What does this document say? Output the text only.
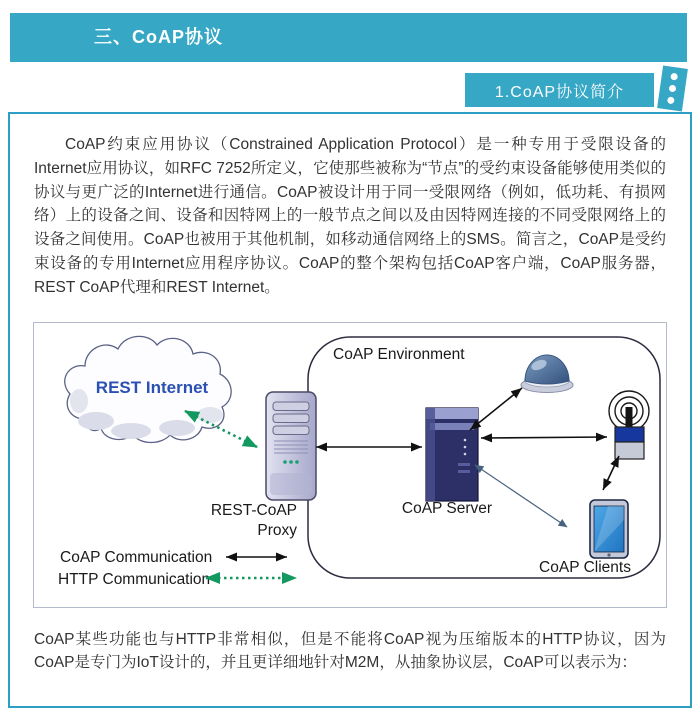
三、CoAP协议
1.CoAP协议简介

CoAP约束应用协议（Constrained Application Protocol）是一种专用于受限设备的Internet应用协议，如RFC 7252所定义，它使那些被称为“节点”的受约束设备能够使用类似的协议与更广泛的Internet进行通信。CoAP被设计用于同一受限网络（例如，低功耗、有损网络）上的设备之间、设备和因特网上的一般节点之间以及由因特网连接的不同受限网络上的设备之间使用。CoAP也被用于其他机制，如移动通信网络上的SMS。简言之，CoAP是受约束设备的专用Internet应用程序协议。CoAP的整个架构包括CoAP客户端，CoAP服务器，REST CoAP代理和REST Internet。

REST Internet
CoAP Environment
REST-CoAP
Proxy
CoAP Server
CoAP Clients
CoAP Communication
HTTP Communication

CoAP某些功能也与HTTP非常相似，但是不能将CoAP视为压缩版本的HTTP协议，因为CoAP是专门为IoT设计的，并且更详细地针对M2M，从抽象协议层，CoAP可以表示为：
